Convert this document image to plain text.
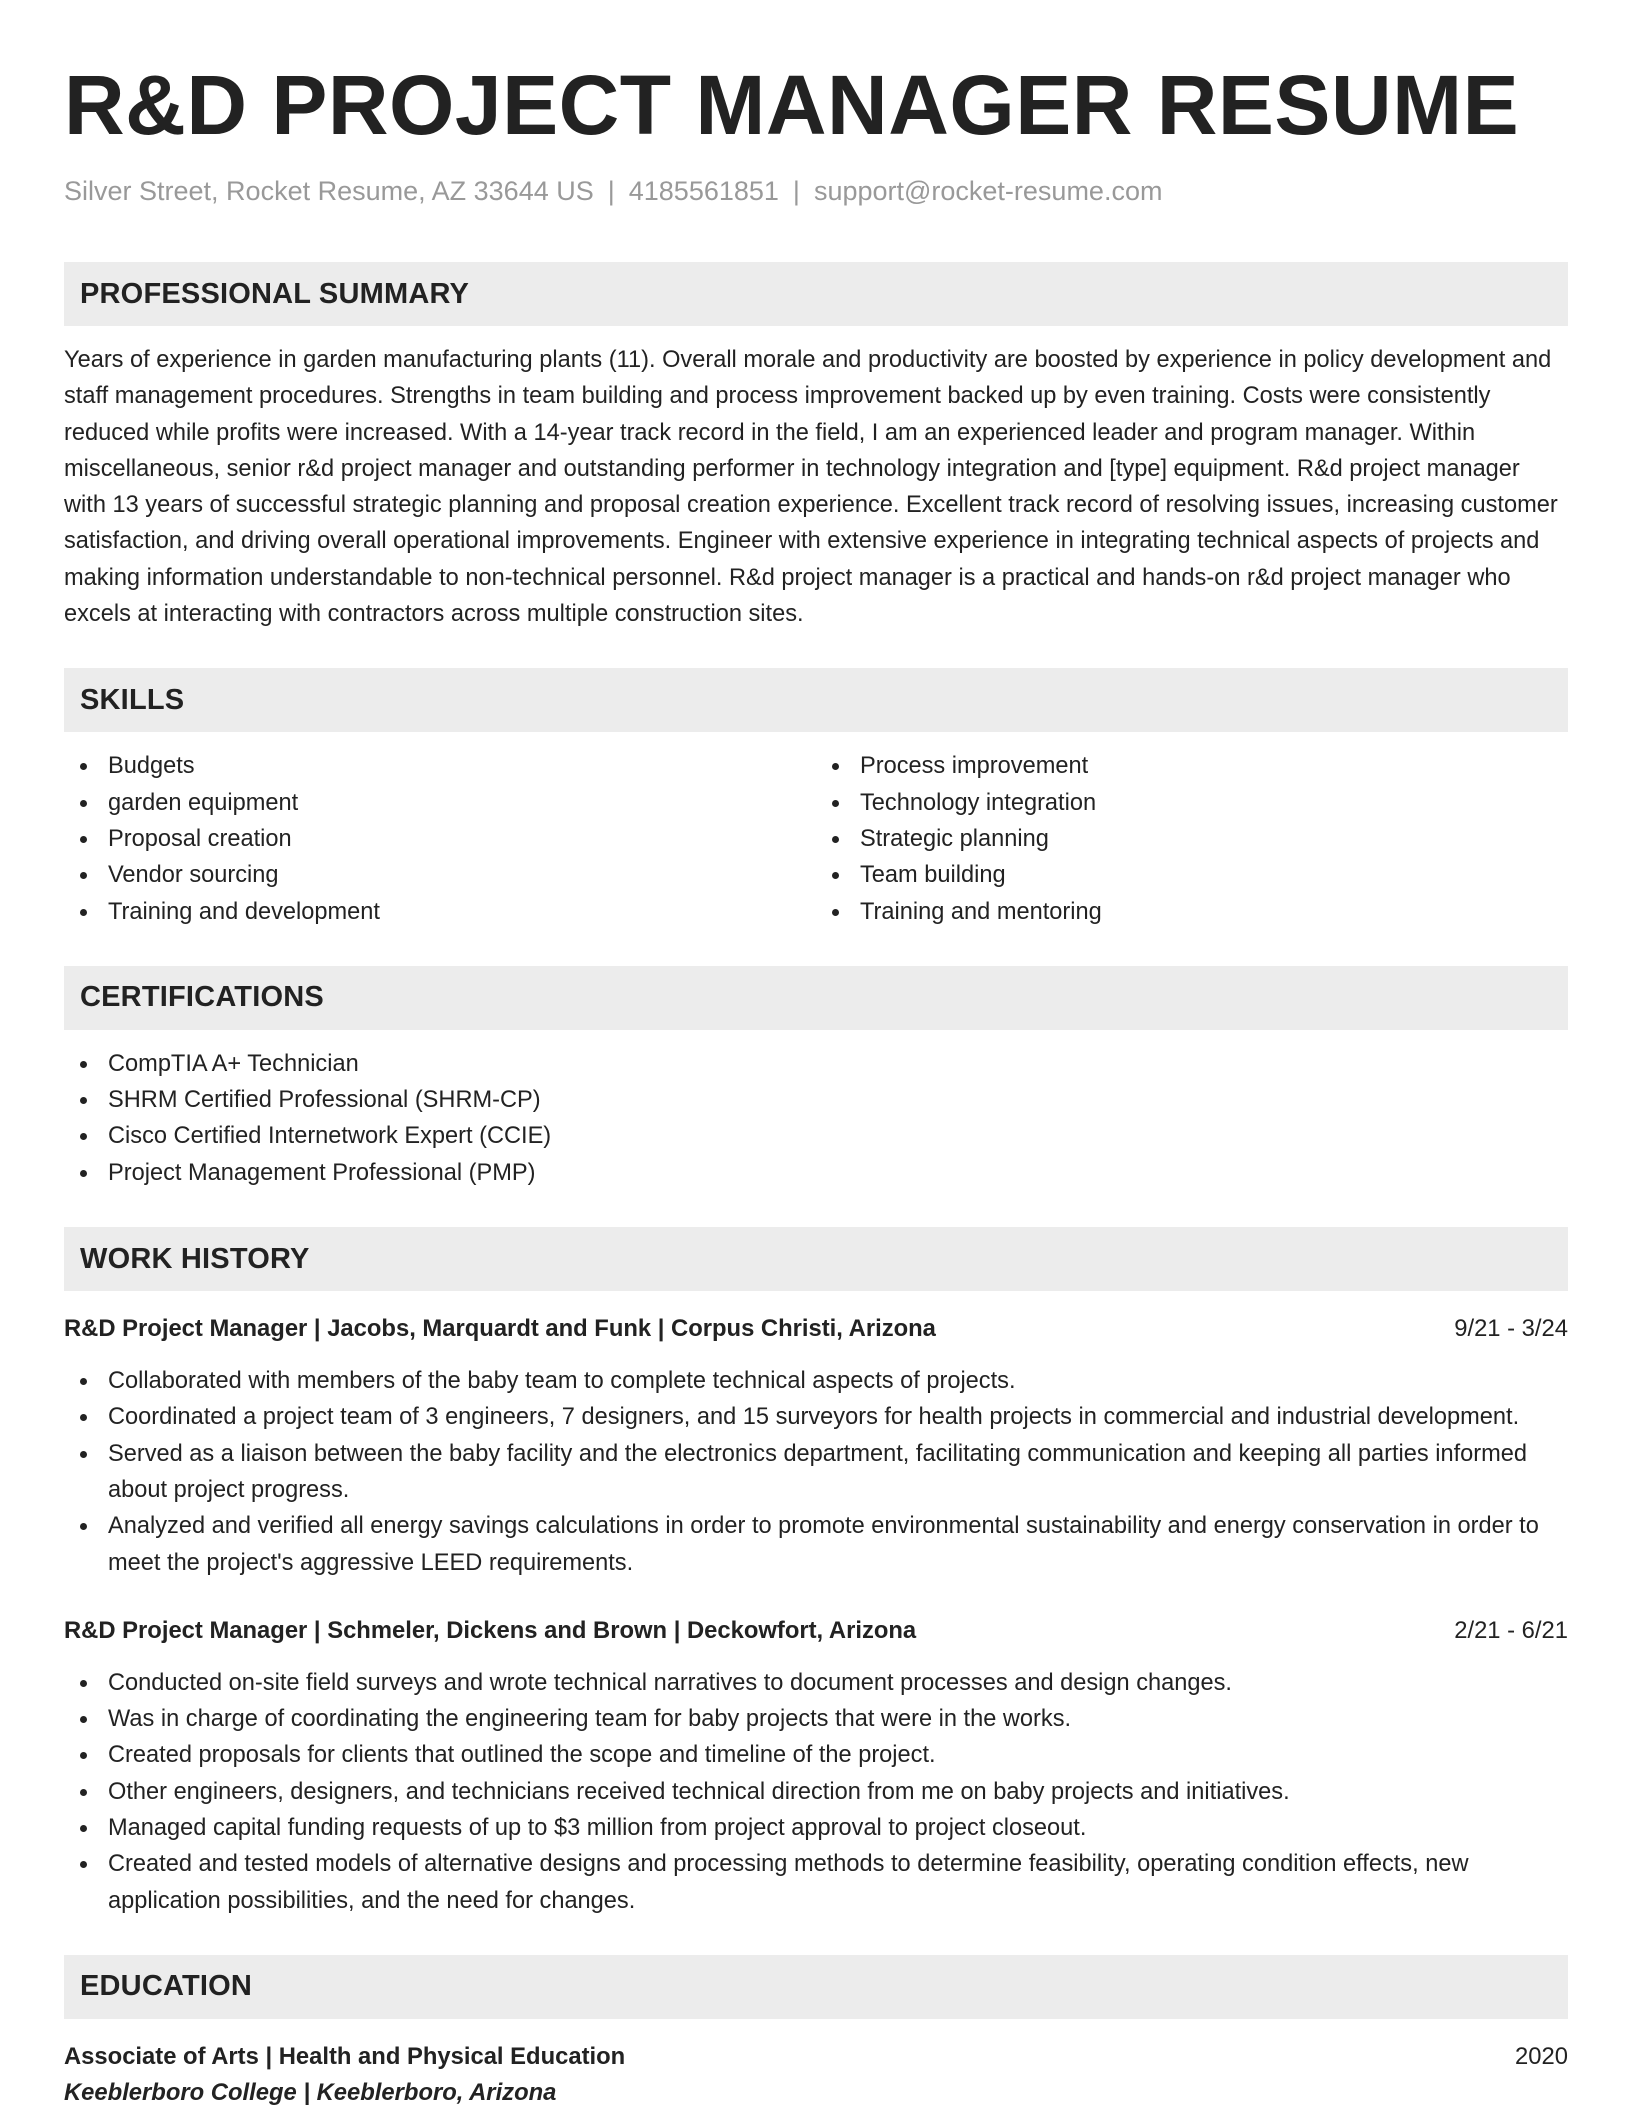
R&D PROJECT MANAGER RESUME
Silver Street, Rocket Resume, AZ 33644 US | 4185561851 | support@rocket-resume.com
PROFESSIONAL SUMMARY

Years of experience in garden manufacturing plants (11). Overall morale and productivity are boosted by experience in policy development and staff management procedures. Strengths in team building and process improvement backed up by even training. Costs were consistently reduced while profits were increased. With a 14-year track record in the field, I am an experienced leader and program manager. Within miscellaneous, senior r&d project manager and outstanding performer in technology integration and [type] equipment. R&d project manager with 13 years of successful strategic planning and proposal creation experience. Excellent track record of resolving issues, increasing customer satisfaction, and driving overall operational improvements. Engineer with extensive experience in integrating technical aspects of projects and making information understandable to non-technical personnel. R&d project manager is a practical and hands-on r&d project manager who excels at interacting with contractors across multiple construction sites.

SKILLS
Budgets
garden equipment
Proposal creation
Vendor sourcing
Training and development
Process improvement
Technology integration
Strategic planning
Team building
Training and mentoring
CERTIFICATIONS
CompTIA A+ Technician
SHRM Certified Professional (SHRM-CP)
Cisco Certified Internetwork Expert (CCIE)
Project Management Professional (PMP)
WORK HISTORY
R&D Project Manager | Jacobs, Marquardt and Funk | Corpus Christi, Arizona	9/21 - 3/24
Collaborated with members of the baby team to complete technical aspects of projects.
Coordinated a project team of 3 engineers, 7 designers, and 15 surveyors for health projects in commercial and industrial development.
Served as a liaison between the baby facility and the electronics department, facilitating communication and keeping all parties informed about project progress.
Analyzed and verified all energy savings calculations in order to promote environmental sustainability and energy conservation in order to meet the project's aggressive LEED requirements.
R&D Project Manager | Schmeler, Dickens and Brown | Deckowfort, Arizona	2/21 - 6/21
Conducted on-site field surveys and wrote technical narratives to document processes and design changes.
Was in charge of coordinating the engineering team for baby projects that were in the works.
Created proposals for clients that outlined the scope and timeline of the project.
Other engineers, designers, and technicians received technical direction from me on baby projects and initiatives.
Managed capital funding requests of up to $3 million from project approval to project closeout.
Created and tested models of alternative designs and processing methods to determine feasibility, operating condition effects, new application possibilities, and the need for changes.
EDUCATION
Associate of Arts | Health and Physical Education	2020
Keeblerboro College | Keeblerboro, Arizona
